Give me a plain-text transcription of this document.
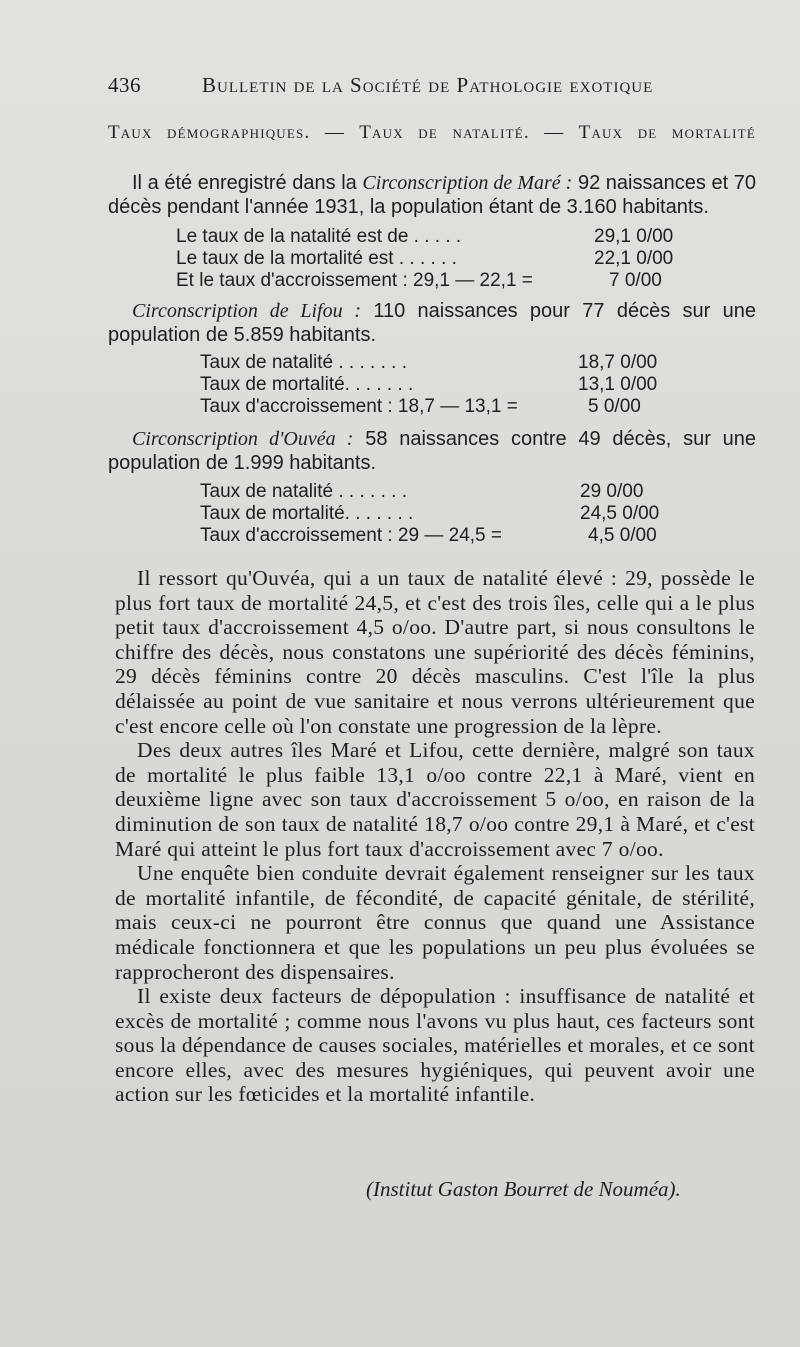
436	Bulletin de la Société de Pathologie exotique
Taux démographiques. — Taux de natalité. — Taux de mortalité
Il a été enregistré dans la Circonscription de Maré : 92 naissances et 70 décès pendant l'année 1931, la population étant de 3.160 habitants.
Le taux de la natalité est de . . . . .	29,1 0/00
Le taux de la mortalité est . . . . . .	22,1 0/00
Et le taux d'accroissement : 29,1 — 22,1 =	7 0/00
Circonscription de Lifou : 110 naissances pour 77 décès sur une population de 5.859 habitants.
Taux de natalité . . . . . . .	18,7 0/00
Taux de mortalité. . . . . . .	13,1 0/00
Taux d'accroissement : 18,7 — 13,1 =	5 0/00
Circonscription d'Ouvéa : 58 naissances contre 49 décès, sur une population de 1.999 habitants.
Taux de natalité . . . . . . .	29 0/00
Taux de mortalité. . . . . . .	24,5 0/00
Taux d'accroissement : 29 — 24,5 =	4,5 0/00

Il ressort qu'Ouvéa, qui a un taux de natalité élevé : 29, possède le plus fort taux de mortalité 24,5, et c'est des trois îles, celle qui a le plus petit taux d'accroissement 4,5 o/oo. D'autre part, si nous consultons le chiffre des décès, nous constatons une supériorité des décès féminins, 29 décès féminins contre 20 décès masculins. C'est l'île la plus délaissée au point de vue sanitaire et nous verrons ultérieurement que c'est encore celle où l'on constate une progression de la lèpre.

Des deux autres îles Maré et Lifou, cette dernière, malgré son taux de mortalité le plus faible 13,1 o/oo contre 22,1 à Maré, vient en deuxième ligne avec son taux d'accroissement 5 o/oo, en raison de la diminution de son taux de natalité 18,7 o/oo contre 29,1 à Maré, et c'est Maré qui atteint le plus fort taux d'accroissement avec 7 o/oo.

Une enquête bien conduite devrait également renseigner sur les taux de mortalité infantile, de fécondité, de capacité génitale, de stérilité, mais ceux-ci ne pourront être connus que quand une Assistance médicale fonctionnera et que les populations un peu plus évoluées se rapprocheront des dispensaires.

Il existe deux facteurs de dépopulation : insuffisance de natalité et excès de mortalité ; comme nous l'avons vu plus haut, ces facteurs sont sous la dépendance de causes sociales, matérielles et morales, et ce sont encore elles, avec des mesures hygiéniques, qui peuvent avoir une action sur les fœticides et la mortalité infantile.

(Institut Gaston Bourret de Nouméa).
